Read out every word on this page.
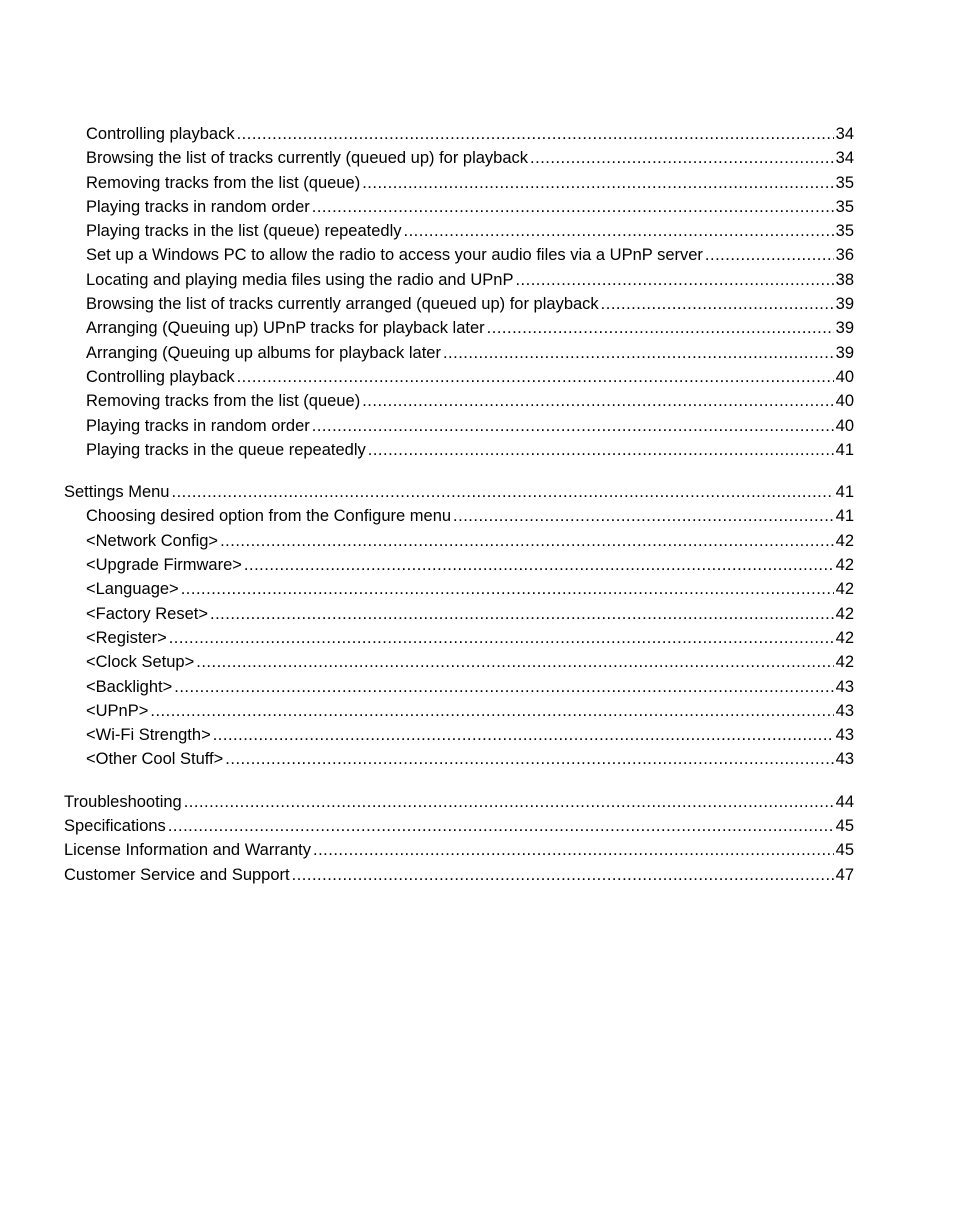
Controlling playback .....	34
Browsing the list of tracks currently (queued up) for playback .....	34
Removing tracks from the list (queue) .....	35
Playing tracks in random order .....	35
Playing tracks in the list (queue) repeatedly .....	35
Set up a Windows PC to allow the radio to access your audio files via a UPnP server .....	36
Locating and playing media files using the radio and UPnP .....	38
Browsing the list of tracks currently arranged (queued up) for playback .....	39
Arranging (Queuing up) UPnP tracks for playback later .....	39
Arranging (Queuing up albums for playback later .....	39
Controlling playback .....	40
Removing tracks from the list (queue) .....	40
Playing tracks in random order .....	40
Playing tracks in the queue repeatedly .....	41
Settings Menu .....	41
Choosing desired option from the Configure menu .....	41
<Network Config> .....	42
<Upgrade Firmware> .....	42
<Language> .....	42
<Factory Reset> .....	42
<Register> .....	42
<Clock Setup> .....	42
<Backlight> .....	43
<UPnP> .....	43
<Wi-Fi Strength> .....	43
<Other Cool Stuff> .....	43
Troubleshooting .....	44
Specifications .....	45
License Information and Warranty .....	45
Customer Service and Support .....	47
